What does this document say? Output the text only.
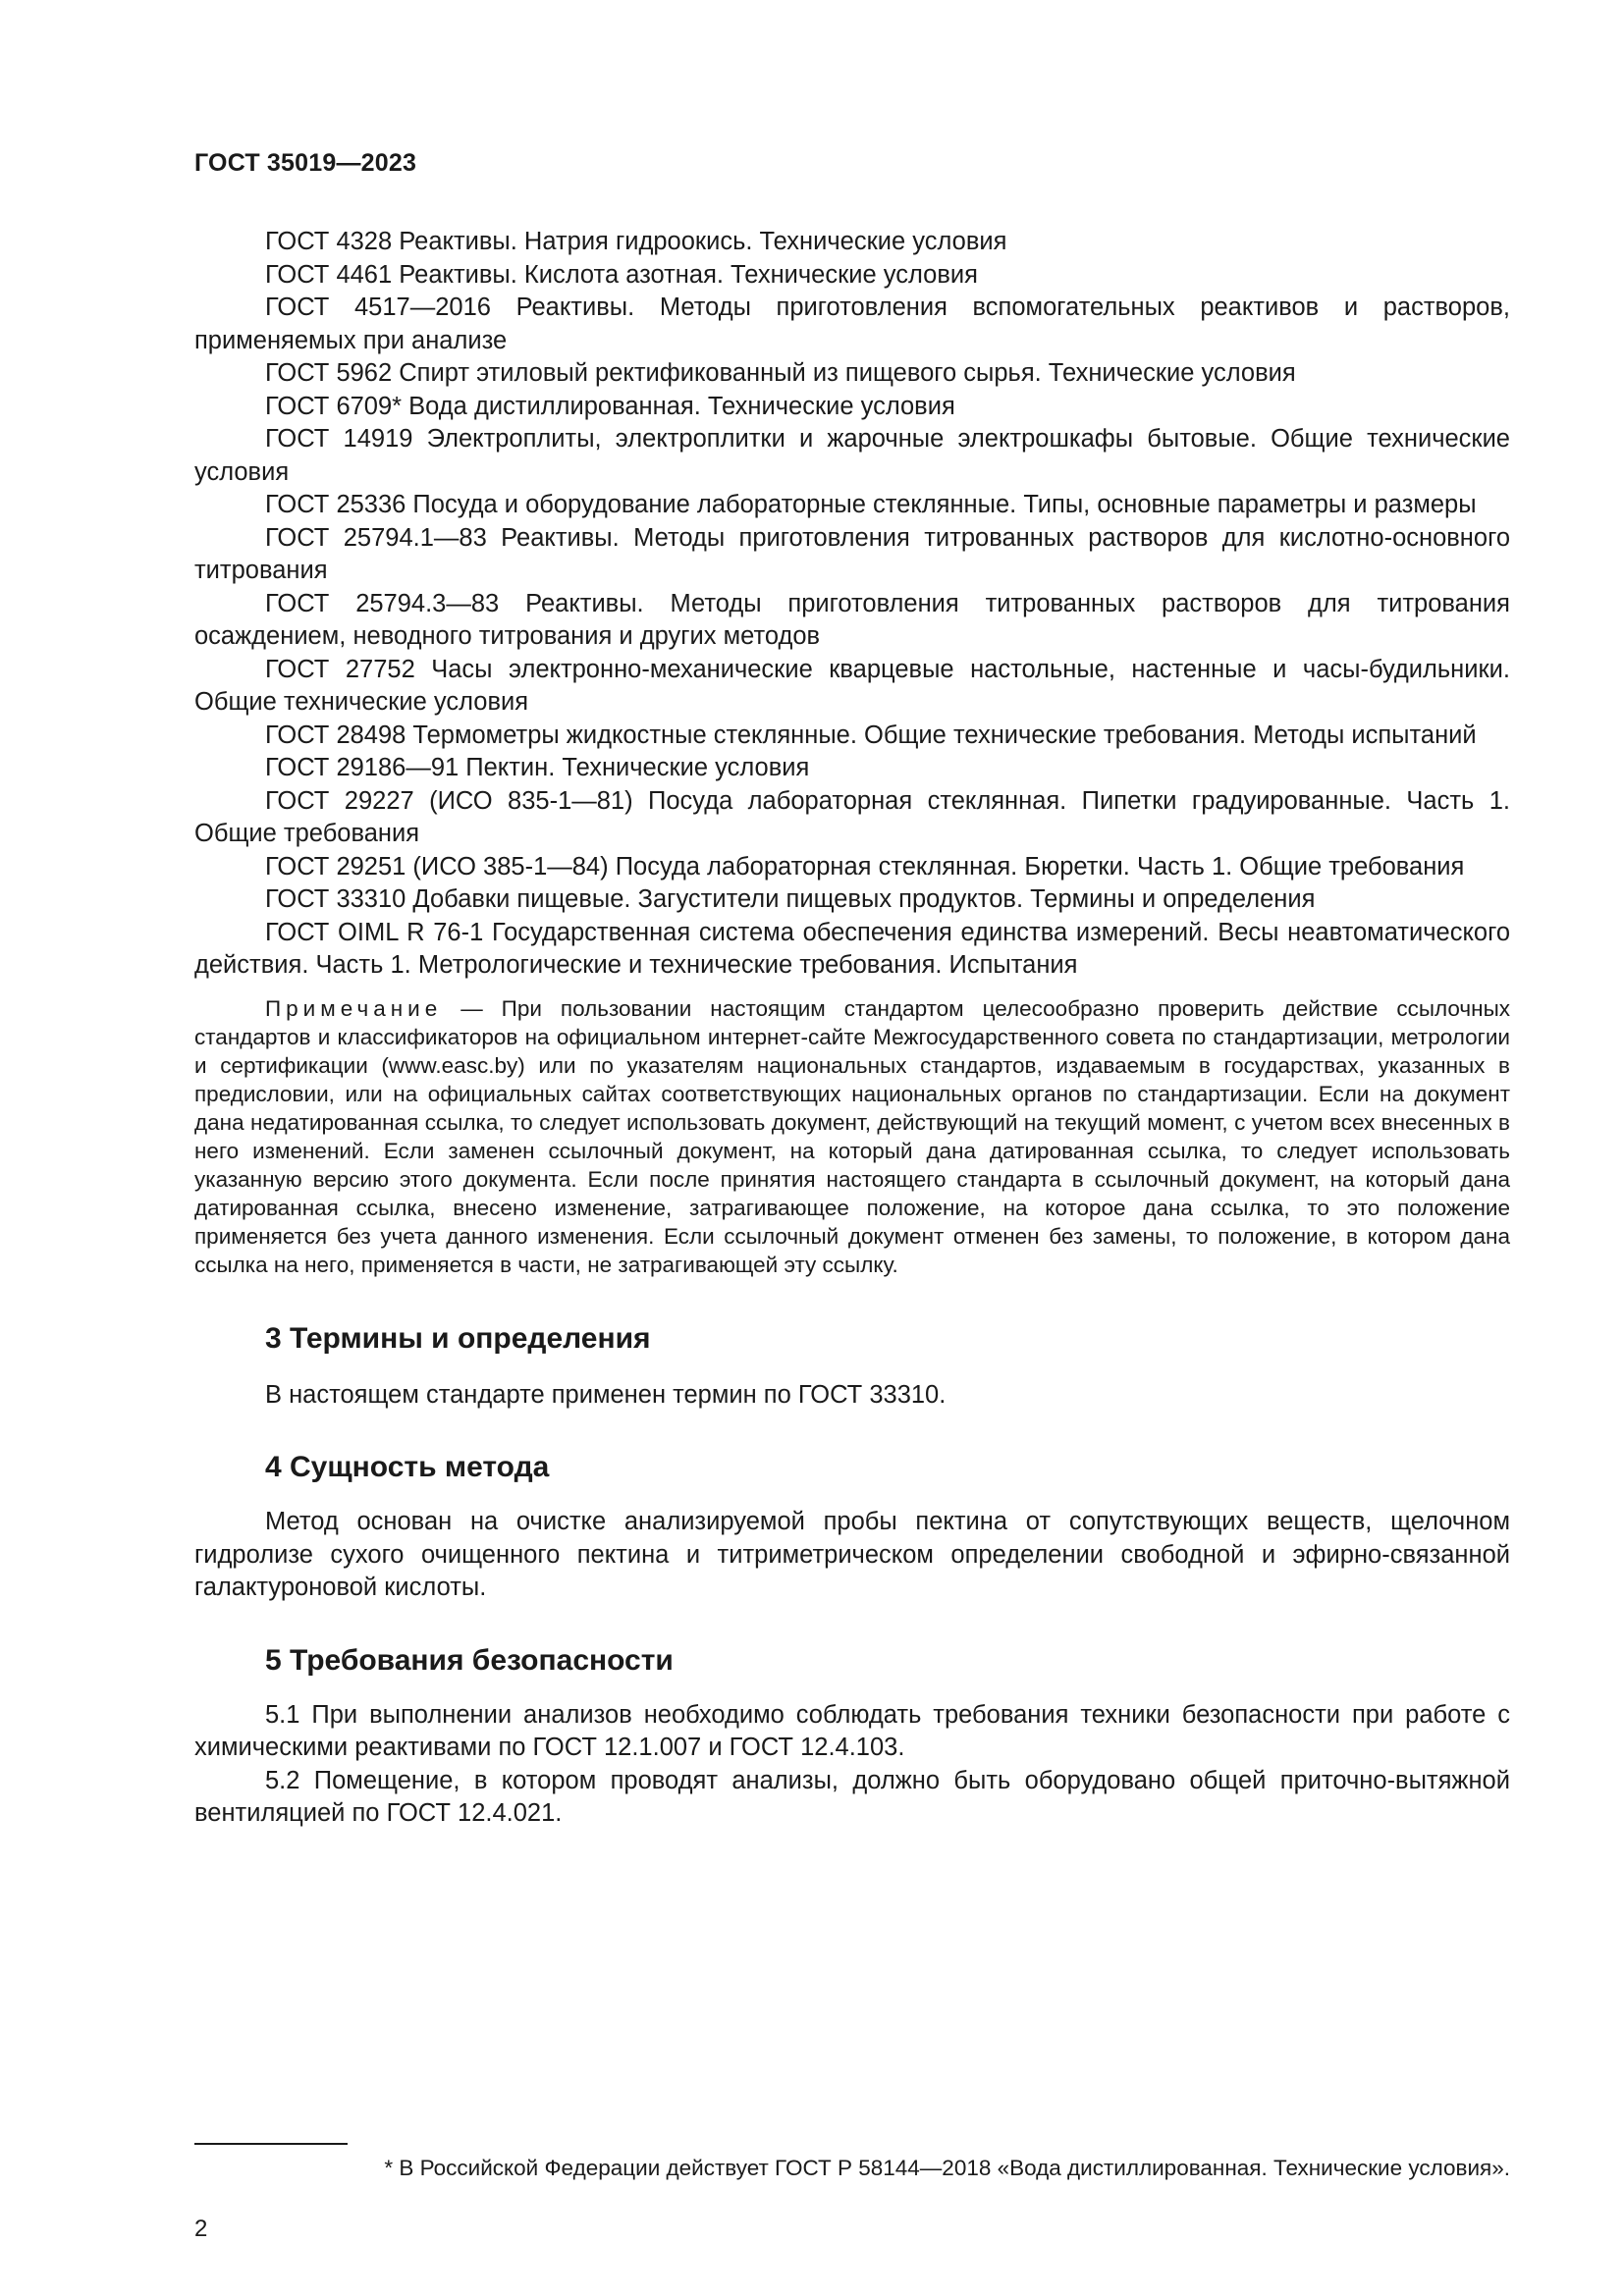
ГОСТ 35019—2023

ГОСТ 4328 Реактивы. Натрия гидроокись. Технические условия

ГОСТ 4461 Реактивы. Кислота азотная. Технические условия

ГОСТ 4517—2016 Реактивы. Методы приготовления вспомогательных реактивов и растворов, применяемых при анализе

ГОСТ 5962 Спирт этиловый ректификованный из пищевого сырья. Технические условия

ГОСТ 6709* Вода дистиллированная. Технические условия

ГОСТ 14919 Электроплиты, электроплитки и жарочные электрошкафы бытовые. Общие технические условия

ГОСТ 25336 Посуда и оборудование лабораторные стеклянные. Типы, основные параметры и размеры

ГОСТ 25794.1—83 Реактивы. Методы приготовления титрованных растворов для кислотно-основного титрования

ГОСТ 25794.3—83 Реактивы. Методы приготовления титрованных растворов для титрования осаждением, неводного титрования и других методов

ГОСТ 27752 Часы электронно-механические кварцевые настольные, настенные и часы-будильники. Общие технические условия

ГОСТ 28498 Термометры жидкостные стеклянные. Общие технические требования. Методы испытаний

ГОСТ 29186—91 Пектин. Технические условия

ГОСТ 29227 (ИСО 835-1—81) Посуда лабораторная стеклянная. Пипетки градуированные. Часть 1. Общие требования

ГОСТ 29251 (ИСО 385-1—84) Посуда лабораторная стеклянная. Бюретки. Часть 1. Общие требования

ГОСТ 33310 Добавки пищевые. Загустители пищевых продуктов. Термины и определения

ГОСТ OIML R 76-1 Государственная система обеспечения единства измерений. Весы неавтоматического действия. Часть 1. Метрологические и технические требования. Испытания

Примечание — При пользовании настоящим стандартом целесообразно проверить действие ссылочных стандартов и классификаторов на официальном интернет-сайте Межгосударственного совета по стандартизации, метрологии и сертификации (www.easc.by) или по указателям национальных стандартов, издаваемым в государствах, указанных в предисловии, или на официальных сайтах соответствующих национальных органов по стандартизации. Если на документ дана недатированная ссылка, то следует использовать документ, действующий на текущий момент, с учетом всех внесенных в него изменений. Если заменен ссылочный документ, на который дана датированная ссылка, то следует использовать указанную версию этого документа. Если после принятия настоящего стандарта в ссылочный документ, на который дана датированная ссылка, внесено изменение, затрагивающее положение, на которое дана ссылка, то это положение применяется без учета данного изменения. Если ссылочный документ отменен без замены, то положение, в котором дана ссылка на него, применяется в части, не затрагивающей эту ссылку.

3 Термины и определения

В настоящем стандарте применен термин по ГОСТ 33310.

4 Сущность метода

Метод основан на очистке анализируемой пробы пектина от сопутствующих веществ, щелочном гидролизе сухого очищенного пектина и титриметрическом определении свободной и эфирно-связанной галактуроновой кислоты.

5 Требования безопасности

5.1 При выполнении анализов необходимо соблюдать требования техники безопасности при работе с химическими реактивами по ГОСТ 12.1.007 и ГОСТ 12.4.103.

5.2 Помещение, в котором проводят анализы, должно быть оборудовано общей приточно-вытяжной вентиляцией по ГОСТ 12.4.021.

* В Российской Федерации действует ГОСТ Р 58144—2018 «Вода дистиллированная. Технические условия».
2
